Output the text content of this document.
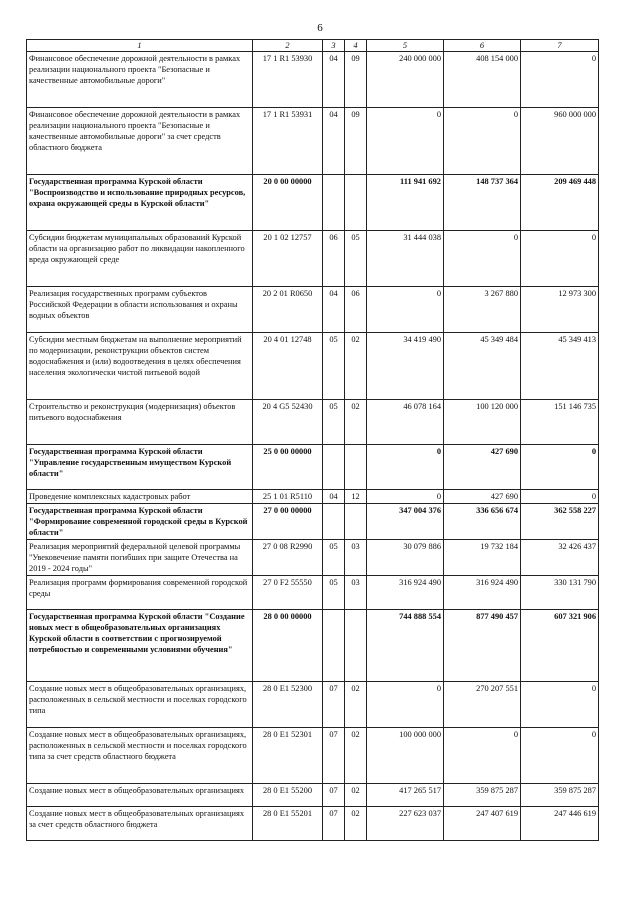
6
1	2	3	4	5	6	7
Финансовое обеспечение дорожной деятельности в рамках реализации национального проекта "Безопасные и качественные автомобильные дороги"	17 1 R1 53930	04	09	240 000 000	408 154 000	0
Финансовое обеспечение дорожной деятельности в рамках реализации национального проекта "Безопасные и качественные автомобильные дороги" за счет средств областного бюджета	17 1 R1 53931	04	09	0	0	960 000 000
Государственная программа Курской области "Воспроизводство и использование природных ресурсов, охрана окружающей среды в Курской области"	20 0 00 00000			111 941 692	148 737 364	209 469 448
Субсидии бюджетам муниципальных образований Курской области на организацию работ по ликвидации накопленного вреда окружающей среде	20 1 02 12757	06	05	31 444 038	0	0
Реализация государственных программ субъектов Российской Федерации в области использования и охраны водных объектов	20 2 01 R0650	04	06	0	3 267 880	12 973 300
Субсидии местным бюджетам на выполнение мероприятий по модернизации, реконструкции объектов систем водоснабжения и (или) водоотведения в целях обеспечения населения экологически чистой питьевой водой	20 4 01 12748	05	02	34 419 490	45 349 484	45 349 413
Строительство и реконструкция (модернизация) объектов питьевого водоснабжения	20 4 G5 52430	05	02	46 078 164	100 120 000	151 146 735
Государственная программа Курской области "Управление государственным имуществом Курской области"	25 0 00 00000			0	427 690	0
Проведение комплексных кадастровых работ	25 1 01 R5110	04	12	0	427 690	0
Государственная программа Курской области "Формирование современной городской среды в Курской области"	27 0 00 00000			347 004 376	336 656 674	362 558 227
Реализация мероприятий федеральной целевой программы "Увековечение памяти погибших при защите Отечества на 2019 - 2024 годы"	27 0 08 R2990	05	03	30 079 886	19 732 184	32 426 437
Реализация программ формирования современной городской среды	27 0 F2 55550	05	03	316 924 490	316 924 490	330 131 790
Государственная программа Курской области "Создание новых мест в общеобразовательных организациях Курской области в соответствии с прогнозируемой потребностью и современными условиями обучения"	28 0 00 00000			744 888 554	877 490 457	607 321 906
Создание новых мест в общеобразовательных организациях, расположенных в сельской местности и поселках городского типа	28 0 E1 52300	07	02	0	270 207 551	0
Создание новых мест в общеобразовательных организациях, расположенных в сельской местности и поселках городского типа за счет средств областного бюджета	28 0 E1 52301	07	02	100 000 000	0	0
Создание новых мест в общеобразовательных организациях	28 0 E1 55200	07	02	417 265 517	359 875 287	359 875 287
Создание новых мест в общеобразовательных организациях за счет средств областного бюджета	28 0 E1 55201	07	02	227 623 037	247 407 619	247 446 619
